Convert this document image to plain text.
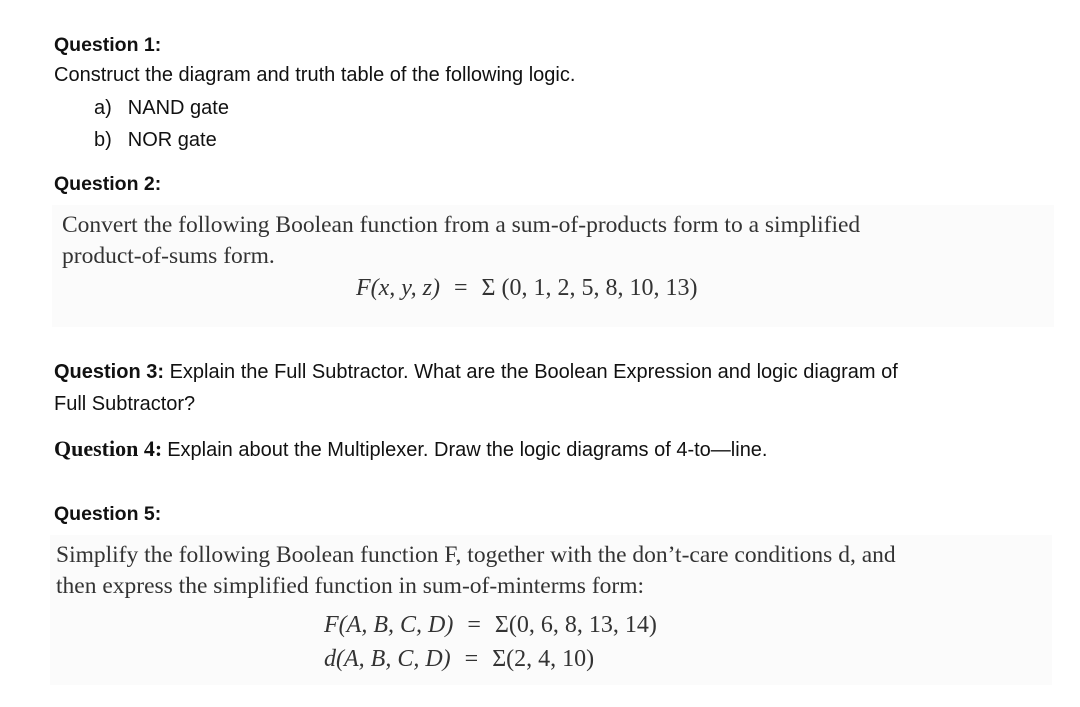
Question 1:
Construct the diagram and truth table of the following logic.
a) NAND gate
b) NOR gate
Question 2:
Convert the following Boolean function from a sum-of-products form to a simplified
product-of-sums form.
F(x, y, z) = Σ (0, 1, 2, 5, 8, 10, 13)
Question 3: Explain the Full Subtractor. What are the Boolean Expression and logic diagram of
Full Subtractor?
Question 4: Explain about the Multiplexer. Draw the logic diagrams of 4-to—line.
Question 5:
Simplify the following Boolean function F, together with the don’t-care conditions d, and
then express the simplified function in sum-of-minterms form:
F(A, B, C, D) = Σ(0, 6, 8, 13, 14)
d(A, B, C, D) = Σ(2, 4, 10)
